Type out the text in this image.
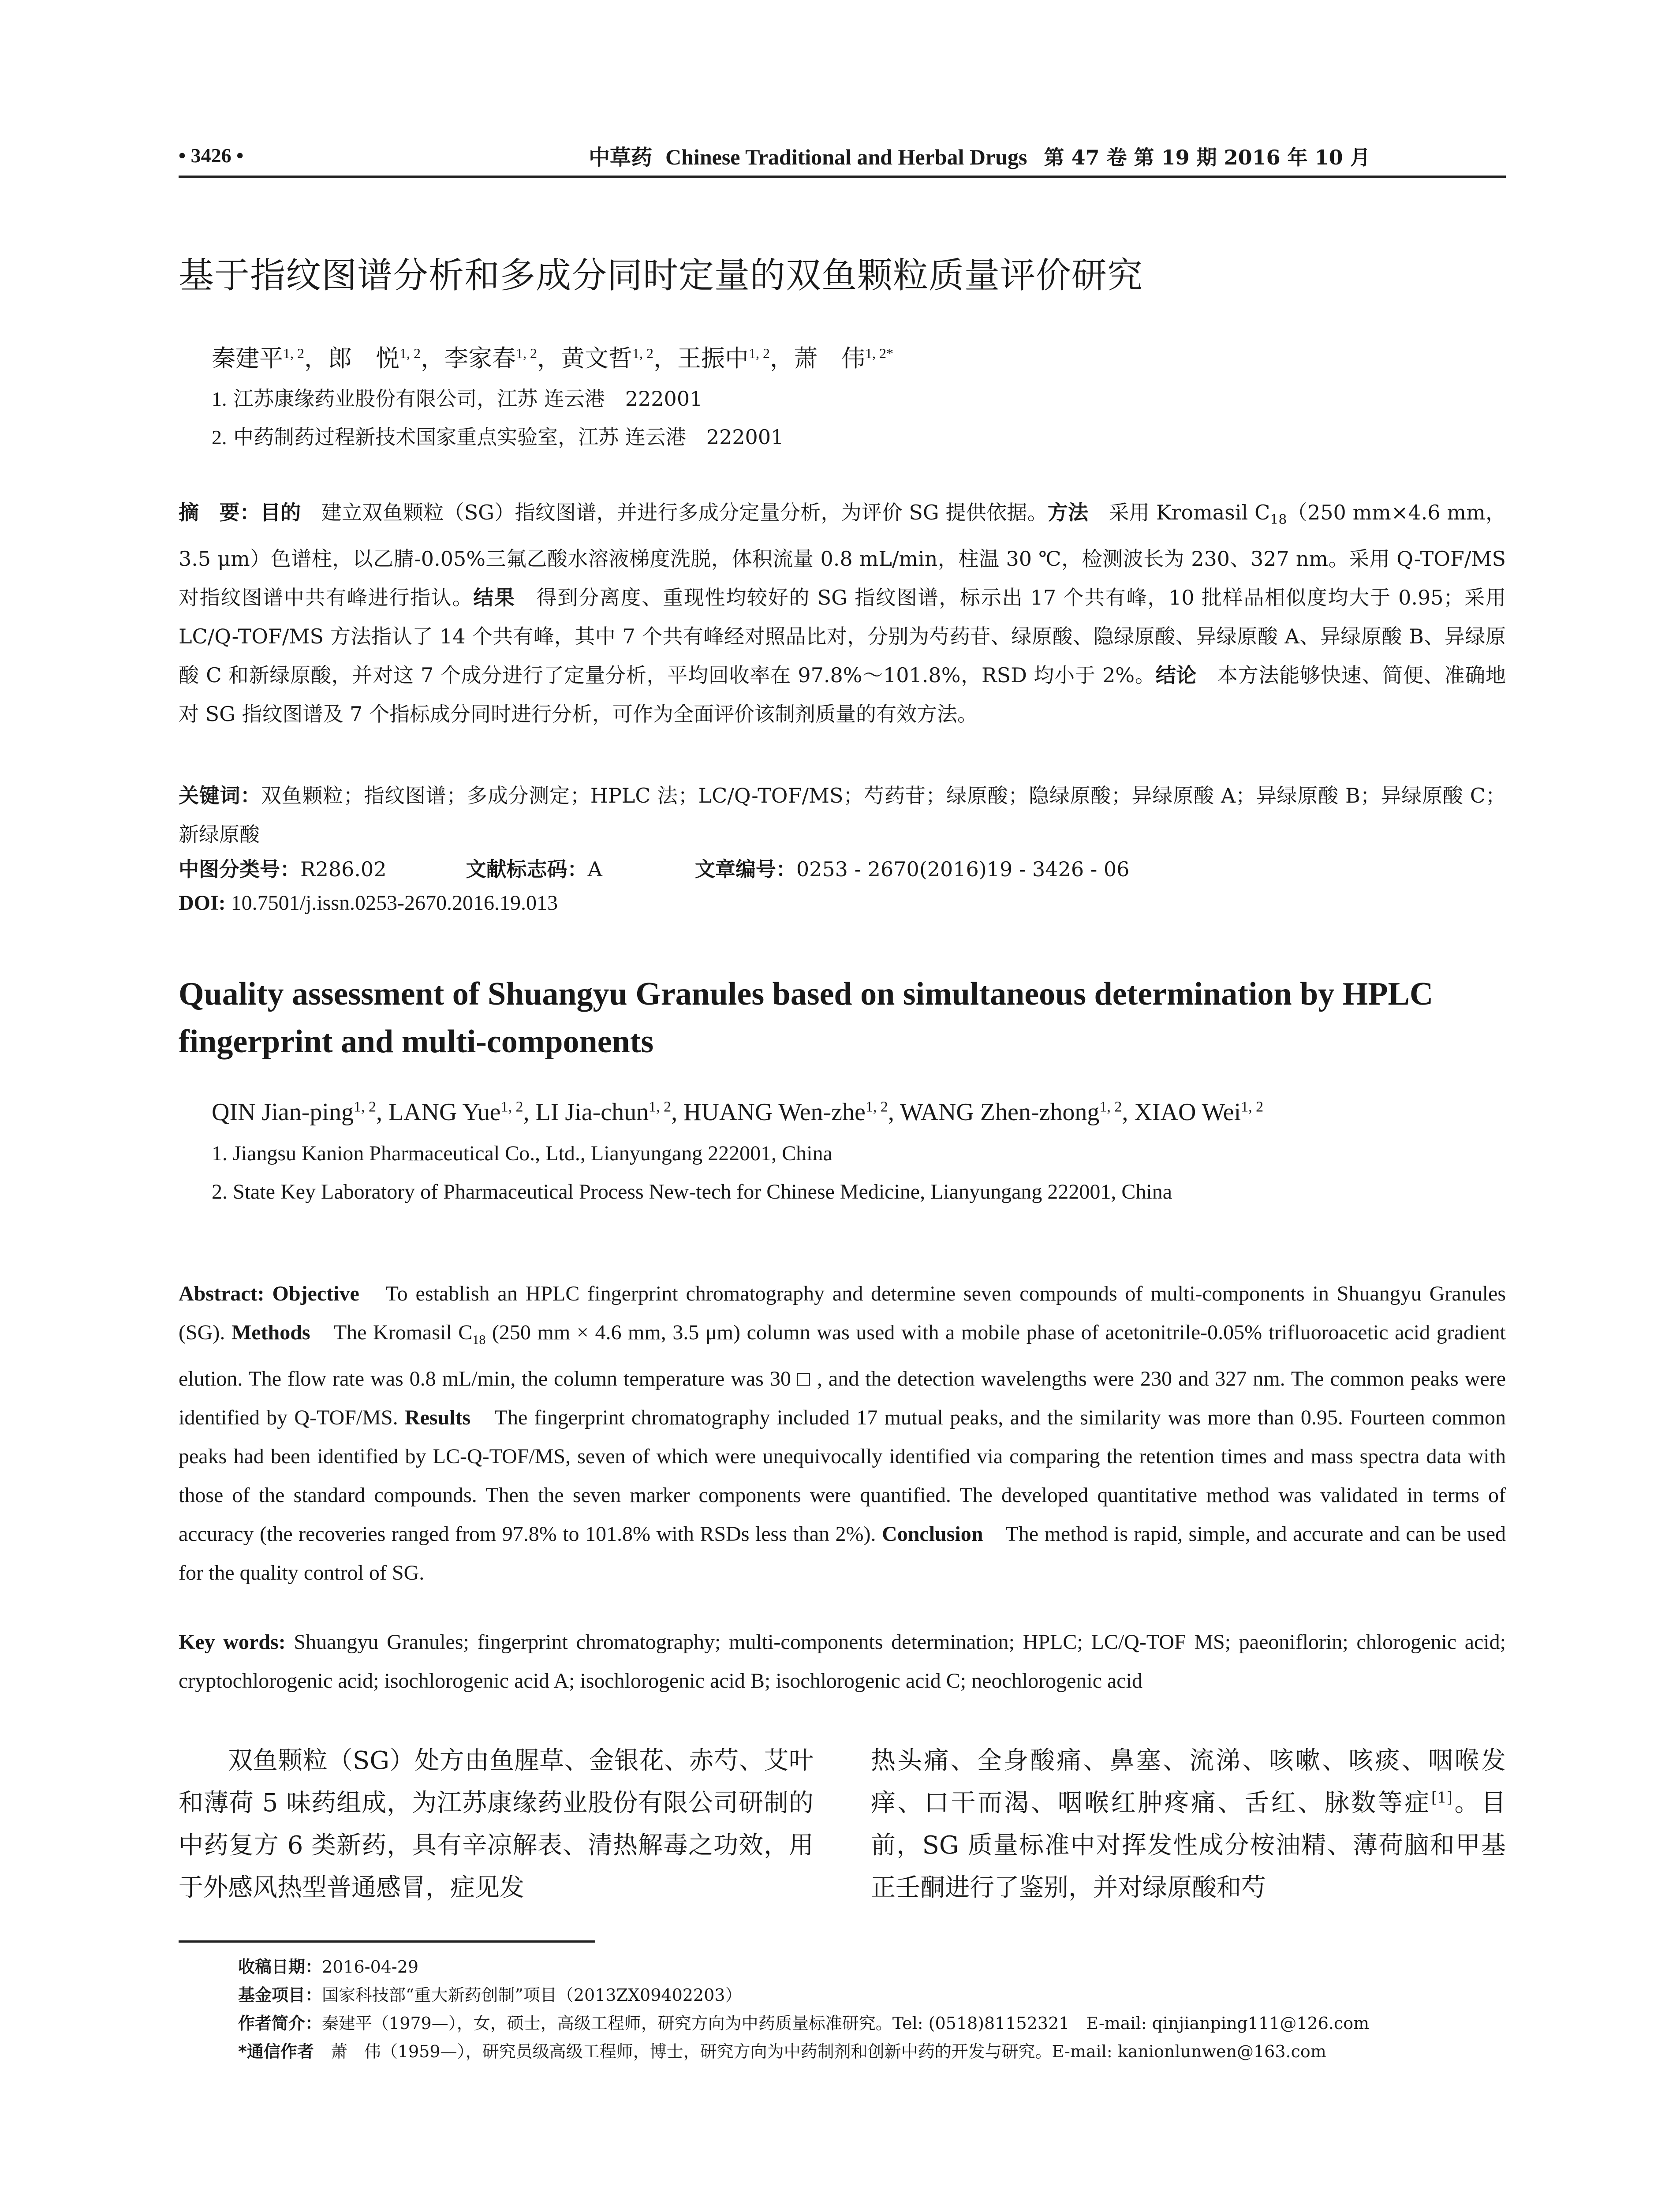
• 3426 •	中草药 Chinese Traditional and Herbal Drugs 第 47 卷 第 19 期 2016 年 10 月
基于指纹图谱分析和多成分同时定量的双鱼颗粒质量评价研究
秦建平$^{1, 2}$，郎　悦$^{1, 2}$，李家春$^{1, 2}$，黄文哲$^{1, 2}$，王振中$^{1, 2}$，萧　伟$^{1, 2*}$
1. 江苏康缘药业股份有限公司，江苏 连云港　222001
2. 中药制药过程新技术国家重点实验室，江苏 连云港　222001
摘　要：目的　建立双鱼颗粒（SG）指纹图谱，并进行多成分定量分析，为评价 SG 提供依据。方法　采用 Kromasil $C_{18}(250$ mm×4.6 mm，3.5 μm）色谱柱，以乙腈-0.05%三氟乙酸水溶液梯度洗脱，体积流量 0.8 mL/min，柱温 30 ℃，检测波长为 230、327 nm。采用 Q-TOF/MS 对指纹图谱中共有峰进行指认。结果　得到分离度、重现性均较好的 SG 指纹图谱，标示出 17 个共有峰，10 批样品相似度均大于 0.95；采用 LC/Q-TOF/MS 方法指认了 14 个共有峰，其中 7 个共有峰经对照品比对，分别为芍药苷、绿原酸、隐绿原酸、异绿原酸 A、异绿原酸 B、异绿原酸 C 和新绿原酸，并对这 7 个成分进行了定量分析，平均回收率在 97.8%～101.8%，RSD 均小于 2%。结论　本方法能够快速、简便、准确地对 SG 指纹图谱及 7 个指标成分同时进行分析，可作为全面评价该制剂质量的有效方法。
关键词：双鱼颗粒；指纹图谱；多成分测定；HPLC 法；LC/Q-TOF/MS；芍药苷；绿原酸；隐绿原酸；异绿原酸 A；异绿原酸 B；异绿原酸 C；新绿原酸
中图分类号：R286.02	文献标志码：A	文章编号：0253 - 2670(2016)19 - 3426 - 06
DOI: 10.7501/j.issn.0253-2670.2016.19.013
Quality assessment of Shuangyu Granules based on simultaneous determination by HPLC fingerprint and multi-components
QIN Jian-ping$^{1, 2}$, LANG Yue$^{1, 2}$, LI Jia-chun$^{1, 2}$, HUANG Wen-zhe$^{1, 2}$, WANG Zhen-zhong$^{1, 2}$, XIAO Wei$^{1, 2}$
1. Jiangsu Kanion Pharmaceutical Co., Ltd., Lianyungang 222001, China
2. State Key Laboratory of Pharmaceutical Process New-tech for Chinese Medicine, Lianyungang 222001, China
Abstract: Objective　To establish an HPLC fingerprint chromatography and determine seven compounds of multi-components in Shuangyu Granules (SG). Methods　The Kromasil $C_{18}$ (250 mm × 4.6 mm, 3.5 μm) column was used with a mobile phase of acetonitrile-0.05% trifluoroacetic acid gradient elution. The flow rate was 0.8 mL/min, the column temperature was 30 □ , and the detection wavelengths were 230 and 327 nm. The common peaks were identified by Q-TOF/MS. Results　The fingerprint chromatography included 17 mutual peaks, and the similarity was more than 0.95. Fourteen common peaks had been identified by LC-Q-TOF/MS, seven of which were unequivocally identified via comparing the retention times and mass spectra data with those of the standard compounds. Then the seven marker components were quantified. The developed quantitative method was validated in terms of accuracy (the recoveries ranged from 97.8% to 101.8% with RSDs less than 2%). Conclusion　The method is rapid, simple, and accurate and can be used for the quality control of SG.
Key words: Shuangyu Granules; fingerprint chromatography; multi-components determination; HPLC; LC/Q-TOF MS; paeoniflorin; chlorogenic acid; cryptochlorogenic acid; isochlorogenic acid A; isochlorogenic acid B; isochlorogenic acid C; neochlorogenic acid
双鱼颗粒（SG）处方由鱼腥草、金银花、赤芍、艾叶和薄荷 5 味药组成，为江苏康缘药业股份有限公司研制的中药复方 6 类新药，具有辛凉解表、清热解毒之功效，用于外感风热型普通感冒，症见发
热头痛、全身酸痛、鼻塞、流涕、咳嗽、咳痰、咽喉发痒、口干而渴、咽喉红肿疼痛、舌红、脉数等症[1]。目前，SG 质量标准中对挥发性成分桉油精、薄荷脑和甲基正壬酮进行了鉴别，并对绿原酸和芍
收稿日期：2016-04-29
基金项目：国家科技部“重大新药创制”项目（2013ZX09402203）
作者简介：秦建平（1979—），女，硕士，高级工程师，研究方向为中药质量标准研究。Tel: (0518)81152321　E-mail: qinjianping111@126.com
*通信作者　萧　伟（1959—），研究员级高级工程师，博士，研究方向为中药制剂和创新中药的开发与研究。E-mail: kanionlunwen@163.com
